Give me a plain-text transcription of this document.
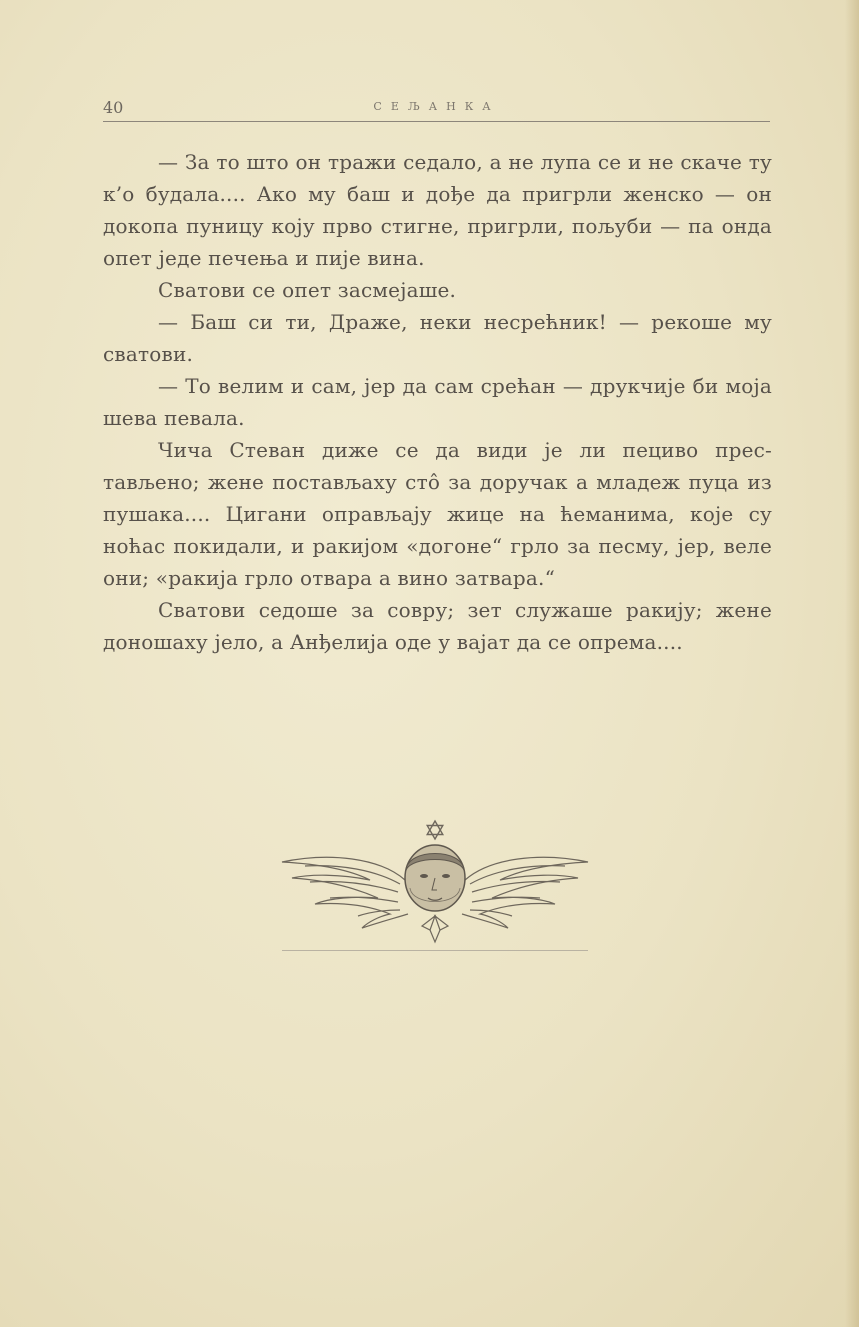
40	СЕЉАНКА

— За то што он тражи седало, а не лупа се и не скаче ту к’о будала.... Ако му баш и дође да пригрли женско — он докопа пуницу коју прво стигне, пригрли, пољуби — па онда опет једе печења и пије вина.

Сватови се опет засмејаше.

— Баш си ти, Драже, неки несрећник! — рекоше му сватови.

— То велим и сам, јер да сам срећан — друкчије би моја шева певала.

Чича Стеван диже се да види је ли пециво прес-тављено; жене постављаху стô за доручак а младеж пуца из пушака.... Цигани оправљају жице на ћеманима, које су ноћас покидали, и ракијом «догоне“ грло за песму, јер, веле они; «ракија грло отвара а вино затвара.“

Сватови седоше за совру; зет служаше ракију; жене доношаху јело, а Анђелија оде у вајат да се опрема....
